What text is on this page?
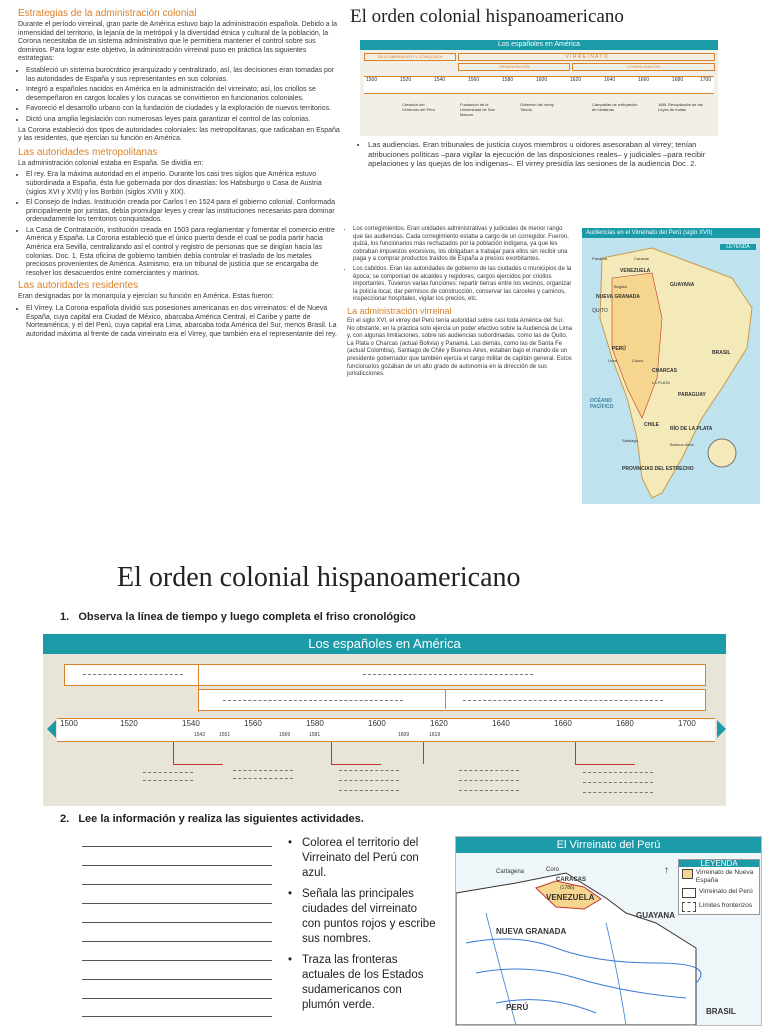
Estrategias de la administración colonial

Durante el período virreinal, gran parte de América estuvo bajo la administración española. Debido a la inmensidad del territorio, la lejanía de la metrópoli y la diversidad étnica y cultural de la población, la Corona necesitaba de un sistema administrativo que le permitiera mantener el control sobre sus dominios. Para lograr este objetivo, la administración virreinal puso en práctica las siguientes estrategias:

• Estableció un sistema burocrático jerarquizado y centralizado, así, las decisiones eran tomadas por las autoridades de España y sus representantes en sus colonias.
• Integró a españoles nacidos en América en la administración del virreinato; así, los criollos se desempeñaron en cargos locales y los curacas se convirtieron en funcionarios coloniales.
• Favoreció el desarrollo urbano con la fundación de ciudades y la exploración de nuevos territorios.
• Dictó una amplia legislación con numerosas leyes para garantizar el control de las colonias.

La Corona estableció dos tipos de autoridades coloniales: las metropolitanas, que radicaban en España y las residentes, que ejercían su función en América.

Las autoridades metropolitanas

La administración colonial estaba en España. Se dividía en:

• El rey. Era la máxima autoridad en el imperio. Durante los casi tres siglos que América estuvo subordinada a España, ésta fue gobernada por dos dinastías: los Habsburgo o Casa de Austria (siglos XVI y XVII) y los Borbón (siglos XVIII y XIX).
• El Consejo de Indias. Institución creada por Carlos I en 1524 para el gobierno colonial. Conformada principalmente por juristas, debía promulgar leyes y crear las instituciones necesarias para dominar ordenadamente los territorios conquistados.
• La Casa de Contratación, institución creada en 1503 para reglamentar y fomentar el comercio entre América y España. La Corona estableció que el único puerto desde el cual se podía partir hacia América era Sevilla, centralizando así el control y registro de personas que se dirigían hacia las colonias. Doc. 1. Esta oficina de gobierno también debía controlar el traslado de los metales preciosos provenientes de América. Asimismo, era un tribunal de justicia que se encargaba de resolver los desacuerdos entre comerciantes y marinos.
Las autoridades residentes

Eran designadas por la monarquía y ejercían su función en América. Estas fueron:

• El Virrey. La Corona española dividió sus posesiones americanas en dos virreinatos: el de Nueva España, cuya capital era Ciudad de México, abarcaba América Central, el Caribe y parte de Norteamérica; y el del Perú, cuya capital era Lima, abarcaba toda América del Sur, menos Brasil. La autoridad máxima al frente de cada virreinato era el Virrey, que también era el representante del rey.
El orden colonial hispanoamericano
Los españoles en América
DESCUBRIMIENTO Y CONQUISTA	V I R R E I N A T O
ORGANIZACIÓN	CONSOLIDACIÓN
1500	1520	1540	1560	1580	1600	1620	1640	1660	1680	1700
Creación del Virreinato del Perú
Fundación de la Universidad de San Marcos
Gobierno del virrey Toledo
Campañas de extirpación de idolatrías
1681 Recopilación de las Leyes de Indias
• Las audiencias. Eran tribunales de justicia cuyos miembros u oidores asesoraban al virrey; tenían atribuciones políticas –para vigilar la ejecución de las disposiciones reales– y judiciales –para recibir apelaciones y las quejas de los indígenas–. El virrey presidía las sesiones de la audiencia Doc. 2.
• Los corregimientos. Eran unidades administrativas y judiciales de menor rango que las audiencias. Cada corregimiento estaba a cargo de un corregidor. Fueron, quizá, los funcionarios más rechazados por la población indígena, ya que les cobraban impuestos excesivos, los obligaban a trabajar para ellos sin recibir una paga y a comprar productos traídos de España a precios exorbitantes.
• Los cabildos. Eran las autoridades de gobierno de las ciudades o municipios de la época; se componían de alcaldes y regidores, cargos ejercidos por criollos importantes. Tuvieron varias funciones: repartir tierras entre los vecinos, organizar la policía local, dar permisos de construcción, conservar las cárceles y caminos, inspeccionar hospitales, vigilar los precios, etc.
La administración virreinal

En el siglo XVI, el virrey del Perú tenía autoridad sobre casi toda América del Sur. No obstante, en la práctica solo ejercía un poder efectivo sobre la Audiencia de Lima y, con algunas limitaciones, sobre las audiencias subordinadas, como las de Quito, La Plata o Charcas (actual Bolivia) y Panamá. Las demás, como las de Santa Fe (actual Colombia), Santiago de Chile y Buenos Aires, estaban bajo el mando de un presidente gobernador que también ejercía el cargo militar de capitán general. Estos funcionarios gozaban de un alto grado de autonomía en la dirección de sus jurisdicciones.

Audiencias en el Virreinato del Perú (siglo XVII)
LEYENDA
VENEZUELA
GUAYANA
NUEVA GRANADA
QUITO
PERÚ
BRASIL
CHARCAS
PARAGUAY
CHILE
RÍO DE LA PLATA
OCÉANO PACÍFICO
PROVINCIAS DEL ESTRECHO
LA PLATA
Lima	Cuzco
Santiago
Buenos Aires
Panamá	Caracas
Bogotá
El orden colonial hispanoamericano
1.   Observa la línea de tiempo y luego completa el friso cronológico
Los españoles en América
1500	1520	1540	1560	1580	1600	1620	1640	1660	1680	1700
1542	1551	1569	1581	1609	1619
2.   Lee la información y realiza las siguientes actividades.
• Colorea el territorio del Virreinato del Perú con azul.
• Señala las principales ciudades del virreinato con puntos rojos y escribe sus nombres.
• Traza las fronteras actuales de los Estados sudamericanos con plumón verde.
El Virreinato del Perú
Cartagena	Coro
CARACAS
(1786)
VENEZUELA
GUAYANA
NUEVA GRANADA
PERÚ	BRASIL
↑
LEYENDA
Virreinato de Nueva España
Virreinato del Perú
Límites fronterizos
